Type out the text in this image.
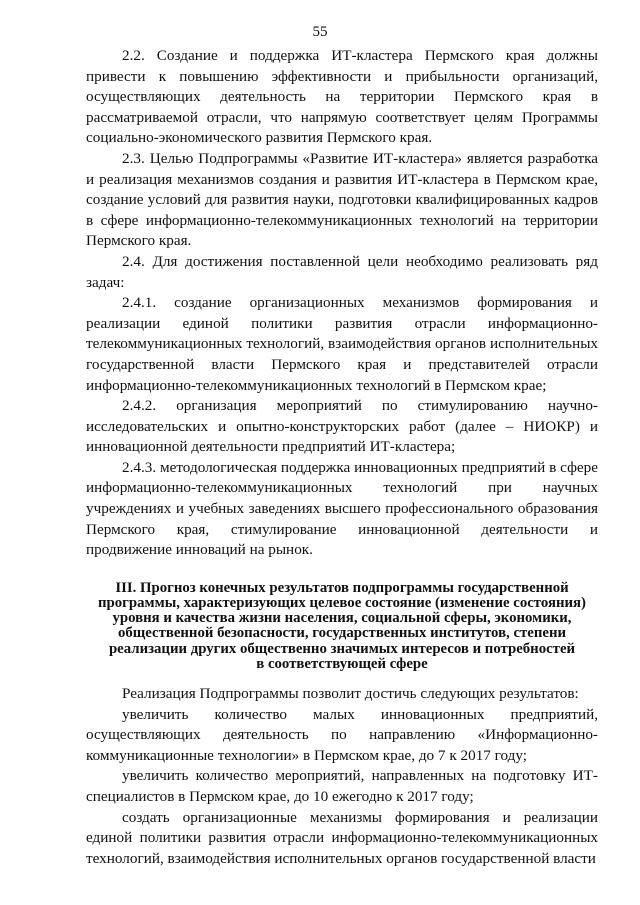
55

2.2. Создание и поддержка ИТ-кластера Пермского края должны привести к повышению эффективности и прибыльности организаций, осуществляющих деятельность на территории Пермского края в рассматриваемой отрасли, что напрямую соответствует целям Программы социально-экономического развития Пермского края.

2.3. Целью Подпрограммы «Развитие ИТ-кластера» является разработка и реализация механизмов создания и развития ИТ-кластера в Пермском крае, создание условий для развития науки, подготовки квалифицированных кадров в сфере информационно-телекоммуникационных технологий на территории Пермского края.

2.4. Для достижения поставленной цели необходимо реализовать ряд задач:

2.4.1. создание организационных механизмов формирования и реализации единой политики развития отрасли информационно-телекоммуникационных технологий, взаимодействия органов исполнительных государственной власти Пермского края и представителей отрасли информационно-телекоммуникационных технологий в Пермском крае;

2.4.2. организация мероприятий по стимулированию научно-исследовательских и опытно-конструкторских работ (далее – НИОКР) и инновационной деятельности предприятий ИТ-кластера;

2.4.3. методологическая поддержка инновационных предприятий в сфере информационно-телекоммуникационных технологий при научных учреждениях и учебных заведениях высшего профессионального образования Пермского края, стимулирование инновационной деятельности и продвижение инноваций на рынок.

III. Прогноз конечных результатов подпрограммы государственной
программы, характеризующих целевое состояние (изменение состояния)
уровня и качества жизни населения, социальной сферы, экономики,
общественной безопасности, государственных институтов, степени
реализации других общественно значимых интересов и потребностей
в соответствующей сфере

Реализация Подпрограммы позволит достичь следующих результатов:

увеличить количество малых инновационных предприятий, осуществляющих деятельность по направлению «Информационно-коммуникационные технологии» в Пермском крае, до 7 к 2017 году;

увеличить количество мероприятий, направленных на подготовку ИТ-специалистов в Пермском крае, до 10 ежегодно к 2017 году;

создать организационные механизмы формирования и реализации единой политики развития отрасли информационно-телекоммуникационных технологий, взаимодействия исполнительных органов государственной власти
